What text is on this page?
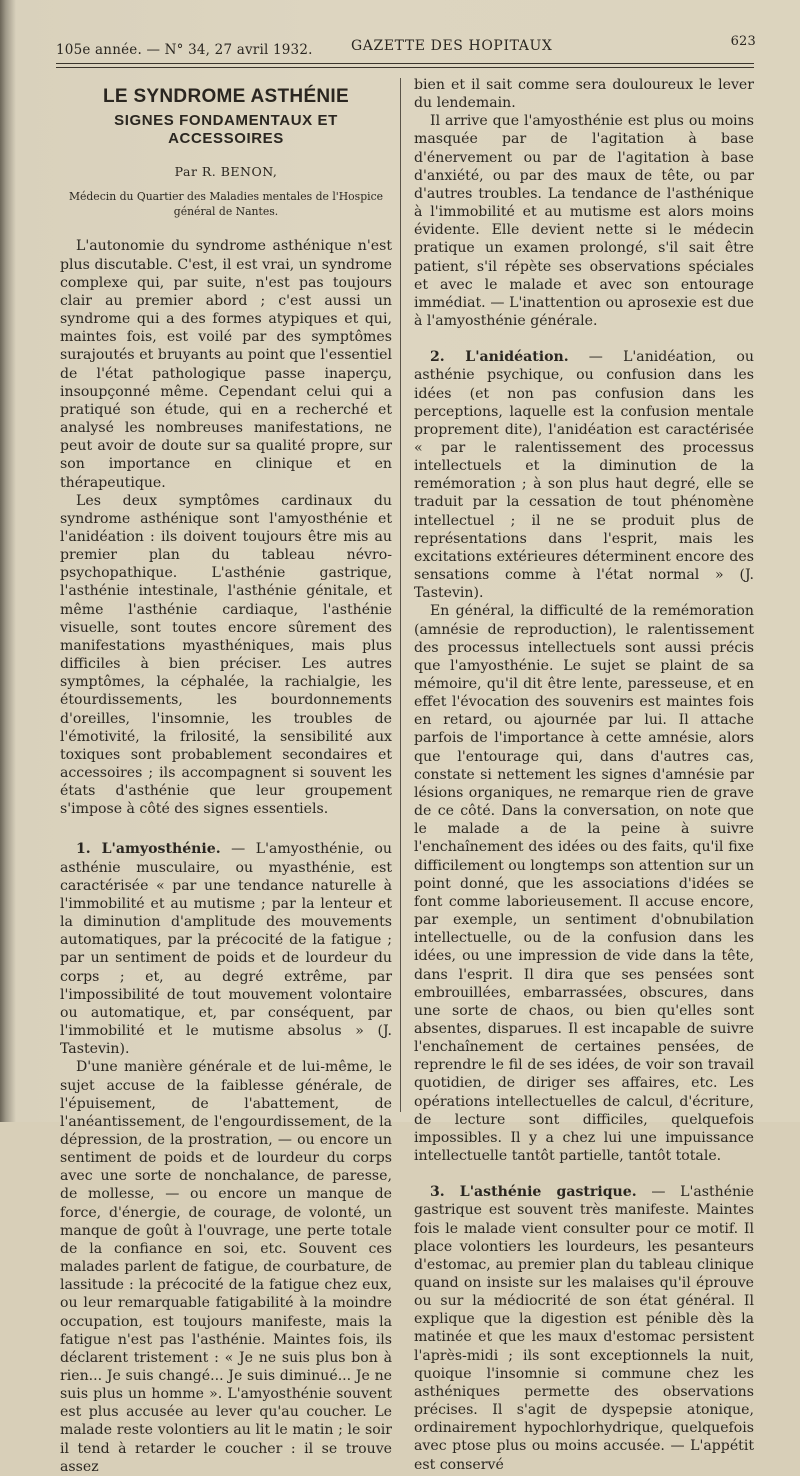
105e année. — N° 34, 27 avril 1932.	GAZETTE DES HOPITAUX	623
LE SYNDROME ASTHÉNIE
SIGNES FONDAMENTAUX ET ACCESSOIRES
Par R. BENON,
Médecin du Quartier des Maladies mentales de l'Hospice général de Nantes.

L'autonomie du syndrome asthénique n'est plus discutable. C'est, il est vrai, un syndrome complexe qui, par suite, n'est pas toujours clair au premier abord ; c'est aussi un syndrome qui a des formes atypiques et qui, maintes fois, est voilé par des symptômes surajoutés et bruyants au point que l'essentiel de l'état pathologique passe inaperçu, insoupçonné même. Cependant celui qui a pratiqué son étude, qui en a recherché et analysé les nombreuses manifestations, ne peut avoir de doute sur sa qualité propre, sur son importance en clinique et en thérapeutique.

Les deux symptômes cardinaux du syndrome asthénique sont l'amyosthénie et l'anidéation : ils doivent toujours être mis au premier plan du tableau névro-psychopathique. L'asthénie gastrique, l'asthénie intestinale, l'asthénie génitale, et même l'asthénie cardiaque, l'asthénie visuelle, sont toutes encore sûrement des manifestations myasthéniques, mais plus difficiles à bien préciser. Les autres symptômes, la céphalée, la rachialgie, les étourdissements, les bourdonnements d'oreilles, l'insomnie, les troubles de l'émotivité, la frilosité, la sensibilité aux toxiques sont probablement secondaires et accessoires ; ils accompagnent si souvent les états d'asthénie que leur groupement s'impose à côté des signes essentiels.

1. L'amyosthénie. — L'amyosthénie, ou asthénie musculaire, ou myasthénie, est caractérisée « par une tendance naturelle à l'immobilité et au mutisme ; par la lenteur et la diminution d'amplitude des mouvements automatiques, par la précocité de la fatigue ; par un sentiment de poids et de lourdeur du corps ; et, au degré extrême, par l'impossibilité de tout mouvement volontaire ou automatique, et, par conséquent, par l'immobilité et le mutisme absolus » (J. Tastevin).

D'une manière générale et de lui-même, le sujet accuse de la faiblesse générale, de l'épuisement, de l'abattement, de l'anéantissement, de l'engourdissement, de la dépression, de la prostration, — ou encore un sentiment de poids et de lourdeur du corps avec une sorte de nonchalance, de paresse, de mollesse, — ou encore un manque de force, d'énergie, de courage, de volonté, un manque de goût à l'ouvrage, une perte totale de la confiance en soi, etc. Souvent ces malades parlent de fatigue, de courbature, de lassitude : la précocité de la fatigue chez eux, ou leur remarquable fatigabilité à la moindre occupation, est toujours manifeste, mais la fatigue n'est pas l'asthénie. Maintes fois, ils déclarent tristement : « Je ne suis plus bon à rien... Je suis changé... Je suis diminué... Je ne suis plus un homme ». L'amyosthénie souvent est plus accusée au lever qu'au coucher. Le malade reste volontiers au lit le matin ; le soir il tend à retarder le coucher : il se trouve assez

bien et il sait comme sera douloureux le lever du lendemain.

Il arrive que l'amyosthénie est plus ou moins masquée par de l'agitation à base d'énervement ou par de l'agitation à base d'anxiété, ou par des maux de tête, ou par d'autres troubles. La tendance de l'asthénique à l'immobilité et au mutisme est alors moins évidente. Elle devient nette si le médecin pratique un examen prolongé, s'il sait être patient, s'il répète ses observations spéciales et avec le malade et avec son entourage immédiat. — L'inattention ou aprosexie est due à l'amyosthénie générale.

2. L'anidéation. — L'anidéation, ou asthénie psychique, ou confusion dans les idées (et non pas confusion dans les perceptions, laquelle est la confusion mentale proprement dite), l'anidéation est caractérisée « par le ralentissement des processus intellectuels et la diminution de la remémoration ; à son plus haut degré, elle se traduit par la cessation de tout phénomène intellectuel ; il ne se produit plus de représentations dans l'esprit, mais les excitations extérieures déterminent encore des sensations comme à l'état normal » (J. Tastevin).

En général, la difficulté de la remémoration (amnésie de reproduction), le ralentissement des processus intellectuels sont aussi précis que l'amyosthénie. Le sujet se plaint de sa mémoire, qu'il dit être lente, paresseuse, et en effet l'évocation des souvenirs est maintes fois en retard, ou ajournée par lui. Il attache parfois de l'importance à cette amnésie, alors que l'entourage qui, dans d'autres cas, constate si nettement les signes d'amnésie par lésions organiques, ne remarque rien de grave de ce côté. Dans la conversation, on note que le malade a de la peine à suivre l'enchaînement des idées ou des faits, qu'il fixe difficilement ou longtemps son attention sur un point donné, que les associations d'idées se font comme laborieusement. Il accuse encore, par exemple, un sentiment d'obnubilation intellectuelle, ou de la confusion dans les idées, ou une impression de vide dans la tête, dans l'esprit. Il dira que ses pensées sont embrouillées, embarrassées, obscures, dans une sorte de chaos, ou bien qu'elles sont absentes, disparues. Il est incapable de suivre l'enchaînement de certaines pensées, de reprendre le fil de ses idées, de voir son travail quotidien, de diriger ses affaires, etc. Les opérations intellectuelles de calcul, d'écriture, de lecture sont difficiles, quelquefois impossibles. Il y a chez lui une impuissance intellectuelle tantôt partielle, tantôt totale.

3. L'asthénie gastrique. — L'asthénie gastrique est souvent très manifeste. Maintes fois le malade vient consulter pour ce motif. Il place volontiers les lourdeurs, les pesanteurs d'estomac, au premier plan du tableau clinique quand on insiste sur les malaises qu'il éprouve ou sur la médiocrité de son état général. Il explique que la digestion est pénible dès la matinée et que les maux d'estomac persistent l'après-midi ; ils sont exceptionnels la nuit, quoique l'insomnie si commune chez les asthéniques permette des observations précises. Il s'agit de dyspepsie atonique, ordinairement hypochlorhydrique, quelquefois avec ptose plus ou moins accusée. — L'appétit est conservé
